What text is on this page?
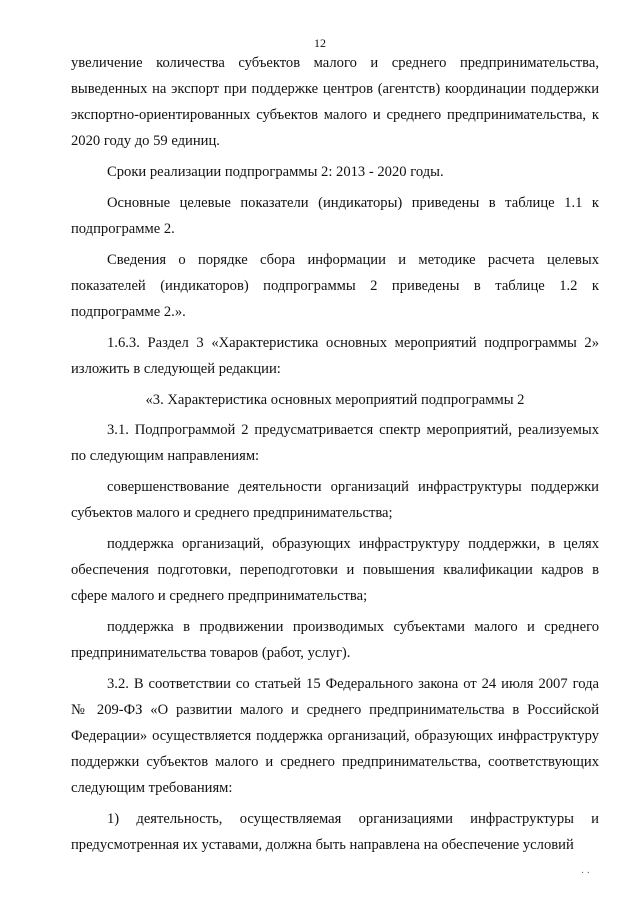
12

увеличение количества субъектов малого и среднего предпринимательства, выведенных на экспорт при поддержке центров (агентств) координации поддержки экспортно-ориентированных субъектов малого и среднего предпринимательства, к 2020 году до 59 единиц.

Сроки реализации подпрограммы 2: 2013 - 2020 годы.

Основные целевые показатели (индикаторы) приведены в таблице 1.1 к подпрограмме 2.

Сведения о порядке сбора информации и методике расчета целевых показателей (индикаторов) подпрограммы 2 приведены в таблице 1.2 к подпрограмме 2.».

1.6.3. Раздел 3 «Характеристика основных мероприятий подпрограммы 2» изложить в следующей редакции:

«3. Характеристика основных мероприятий подпрограммы 2

3.1. Подпрограммой 2 предусматривается спектр мероприятий, реализуемых по следующим направлениям:

совершенствование деятельности организаций инфраструктуры поддержки субъектов малого и среднего предпринимательства;

поддержка организаций, образующих инфраструктуру поддержки, в целях обеспечения подготовки, переподготовки и повышения квалификации кадров в сфере малого и среднего предпринимательства;

поддержка в продвижении производимых субъектами малого и среднего предпринимательства товаров (работ, услуг).

3.2. В соответствии со статьей 15 Федерального закона от 24 июля 2007 года № 209-ФЗ «О развитии малого и среднего предпринимательства в Российской Федерации» осуществляется поддержка организаций, образующих инфраструктуру поддержки субъектов малого и среднего предпринимательства, соответствующих следующим требованиям:

1) деятельность, осуществляемая организациями инфраструктуры и предусмотренная их уставами, должна быть направлена на обеспечение условий

· ·
